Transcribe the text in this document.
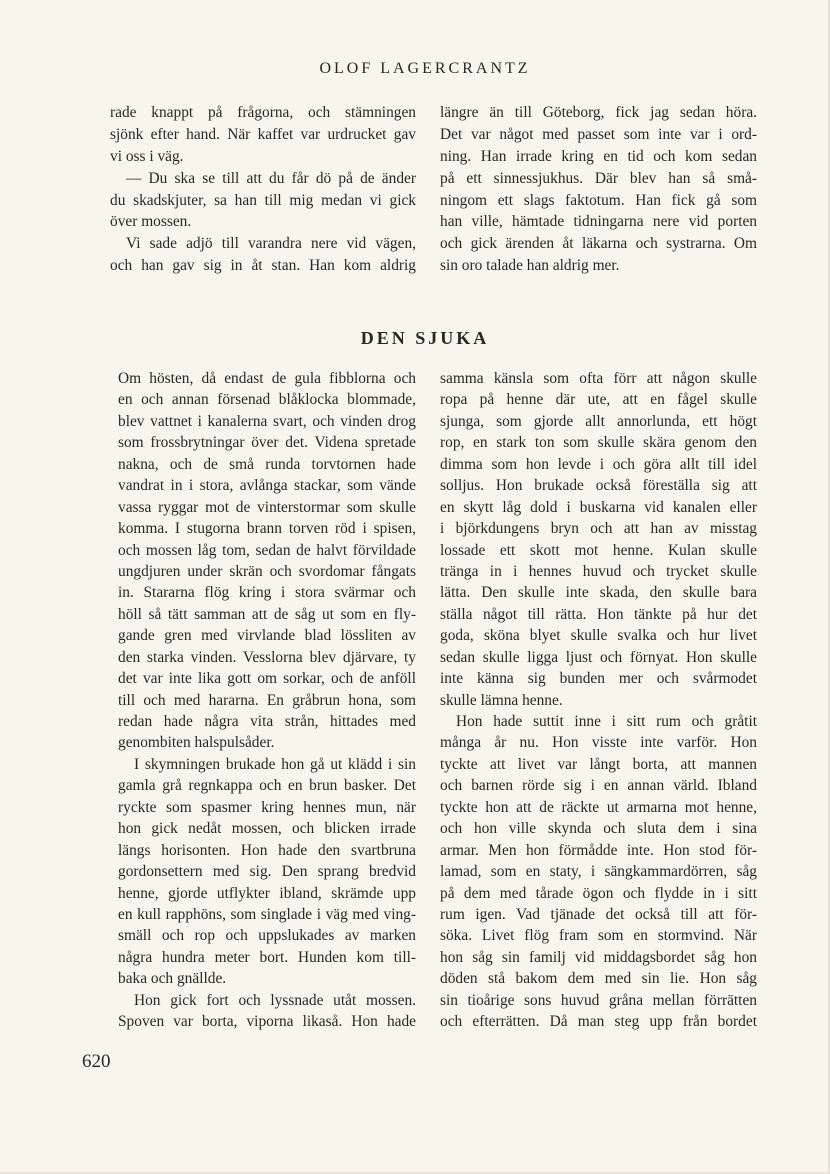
OLOF LAGERCRANTZ
rade knappt på frågorna, och stämningen
sjönk efter hand. När kaffet var urdrucket gav
vi oss i väg.
— Du ska se till att du får dö på de änder
du skadskjuter, sa han till mig medan vi gick
över mossen.
Vi sade adjö till varandra nere vid vägen,
och han gav sig in åt stan. Han kom aldrig
längre än till Göteborg, fick jag sedan höra.
Det var något med passet som inte var i ord-
ning. Han irrade kring en tid och kom sedan
på ett sinnessjukhus. Där blev han så små-
ningom ett slags faktotum. Han fick gå som
han ville, hämtade tidningarna nere vid porten
och gick ärenden åt läkarna och systrarna. Om
sin oro talade han aldrig mer.
DEN SJUKA
Om hösten, då endast de gula fibblorna och
en och annan försenad blåklocka blommade,
blev vattnet i kanalerna svart, och vinden drog
som frossbrytningar över det. Videna spretade
nakna, och de små runda torvtornen hade
vandrat in i stora, avlånga stackar, som vände
vassa ryggar mot de vinterstormar som skulle
komma. I stugorna brann torven röd i spisen,
och mossen låg tom, sedan de halvt förvildade
ungdjuren under skrän och svordomar fångats
in. Stararna flög kring i stora svärmar och
höll så tätt samman att de såg ut som en fly-
gande gren med virvlande blad lössliten av
den starka vinden. Vesslorna blev djärvare, ty
det var inte lika gott om sorkar, och de anföll
till och med hararna. En gråbrun hona, som
redan hade några vita strån, hittades med
genombiten halspulsåder.
I skymningen brukade hon gå ut klädd i sin
gamla grå regnkappa och en brun basker. Det
ryckte som spasmer kring hennes mun, när
hon gick nedåt mossen, och blicken irrade
längs horisonten. Hon hade den svartbruna
gordonsettern med sig. Den sprang bredvid
henne, gjorde utflykter ibland, skrämde upp
en kull rapphöns, som singlade i väg med ving-
smäll och rop och uppslukades av marken
några hundra meter bort. Hunden kom till-
baka och gnällde.
Hon gick fort och lyssnade utåt mossen.
Spoven var borta, viporna likaså. Hon hade
samma känsla som ofta förr att någon skulle
ropa på henne där ute, att en fågel skulle
sjunga, som gjorde allt annorlunda, ett högt
rop, en stark ton som skulle skära genom den
dimma som hon levde i och göra allt till idel
solljus. Hon brukade också föreställa sig att
en skytt låg dold i buskarna vid kanalen eller
i björkdungens bryn och att han av misstag
lossade ett skott mot henne. Kulan skulle
tränga in i hennes huvud och trycket skulle
lätta. Den skulle inte skada, den skulle bara
ställa något till rätta. Hon tänkte på hur det
goda, sköna blyet skulle svalka och hur livet
sedan skulle ligga ljust och förnyat. Hon skulle
inte känna sig bunden mer och svårmodet
skulle lämna henne.
Hon hade suttit inne i sitt rum och gråtit
många år nu. Hon visste inte varför. Hon
tyckte att livet var långt borta, att mannen
och barnen rörde sig i en annan värld. Ibland
tyckte hon att de räckte ut armarna mot henne,
och hon ville skynda och sluta dem i sina
armar. Men hon förmådde inte. Hon stod för-
lamad, som en staty, i sängkammardörren, såg
på dem med tårade ögon och flydde in i sitt
rum igen. Vad tjänade det också till att för-
söka. Livet flög fram som en stormvind. När
hon såg sin familj vid middagsbordet såg hon
döden stå bakom dem med sin lie. Hon såg
sin tioårige sons huvud gråna mellan förrätten
och efterrätten. Då man steg upp från bordet
620
